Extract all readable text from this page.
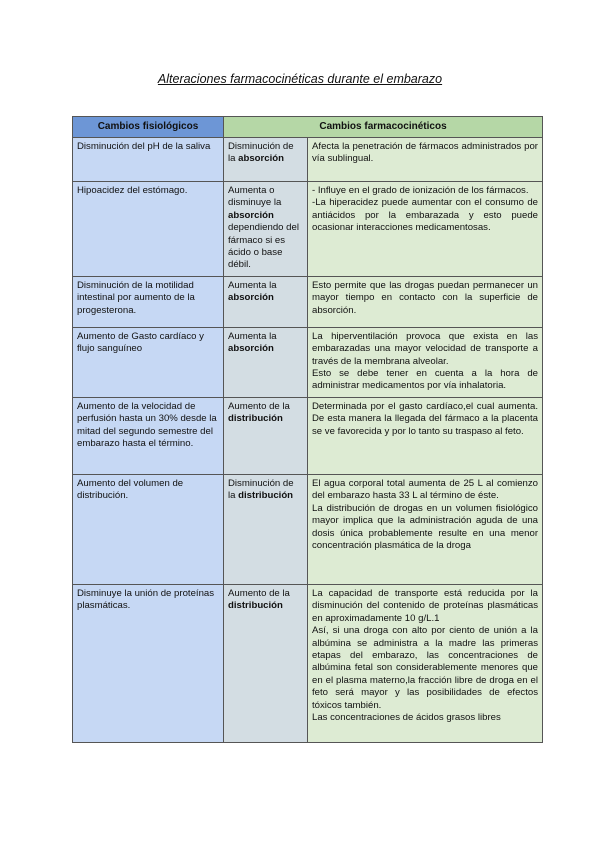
Alteraciones farmacocinéticas durante el embarazo
Cambios fisiológicos	Cambios farmacocinéticos	
Disminución del pH de la saliva	Disminución de la absorción	Afecta la penetración de fármacos administrados por vía sublingual.

Hipoacidez del estómago.	Aumenta o disminuye la absorción dependiendo del fármaco si es ácido o base débil.	- Influye en el grado de ionización de los fármacos.
-La hiperacidez puede aumentar con el consumo de antiácidos por la embarazada y esto puede ocasionar interacciones medicamentosas.

Disminución de la motilidad intestinal por aumento de la progesterona.	Aumenta la absorción	Esto permite que las drogas puedan permanecer un mayor tiempo en contacto con la superficie de absorción.

Aumento de Gasto cardíaco y flujo sanguíneo	Aumenta la absorción	La hiperventilación provoca que exista en las embarazadas una mayor velocidad de transporte a través de la membrana alveolar.
Esto se debe tener en cuenta a la hora de administrar medicamentos por vía inhalatoria.

Aumento de la velocidad de perfusión hasta un 30% desde la mitad del segundo semestre del embarazo hasta el término.	Aumento de la distribución	Determinada por el gasto cardíaco,el cual aumenta. De esta manera la llegada del fármaco a la placenta se ve favorecida y por lo tanto su traspaso al feto.

Aumento del volumen de distribución.	Disminución de la distribución	El agua corporal total aumenta de 25 L al comienzo del embarazo hasta 33 L al término de éste.
La distribución de drogas en un volumen fisiológico mayor implica que la administración aguda de una dosis única probablemente resulte en una menor concentración plasmática de la droga

Disminuye la unión de proteínas plasmáticas.	Aumento de la distribución	La capacidad de transporte está reducida por la disminución del contenido de proteínas plasmáticas en aproximadamente 10 g/L.1
Así, si una droga con alto por ciento de unión a la albúmina se administra a la madre las primeras etapas del embarazo, las concentraciones de albúmina fetal son considerablemente menores que en el plasma materno,la fracción libre de droga en el feto será mayor y las posibilidades de efectos tóxicos también.
Las concentraciones de ácidos grasos libres
